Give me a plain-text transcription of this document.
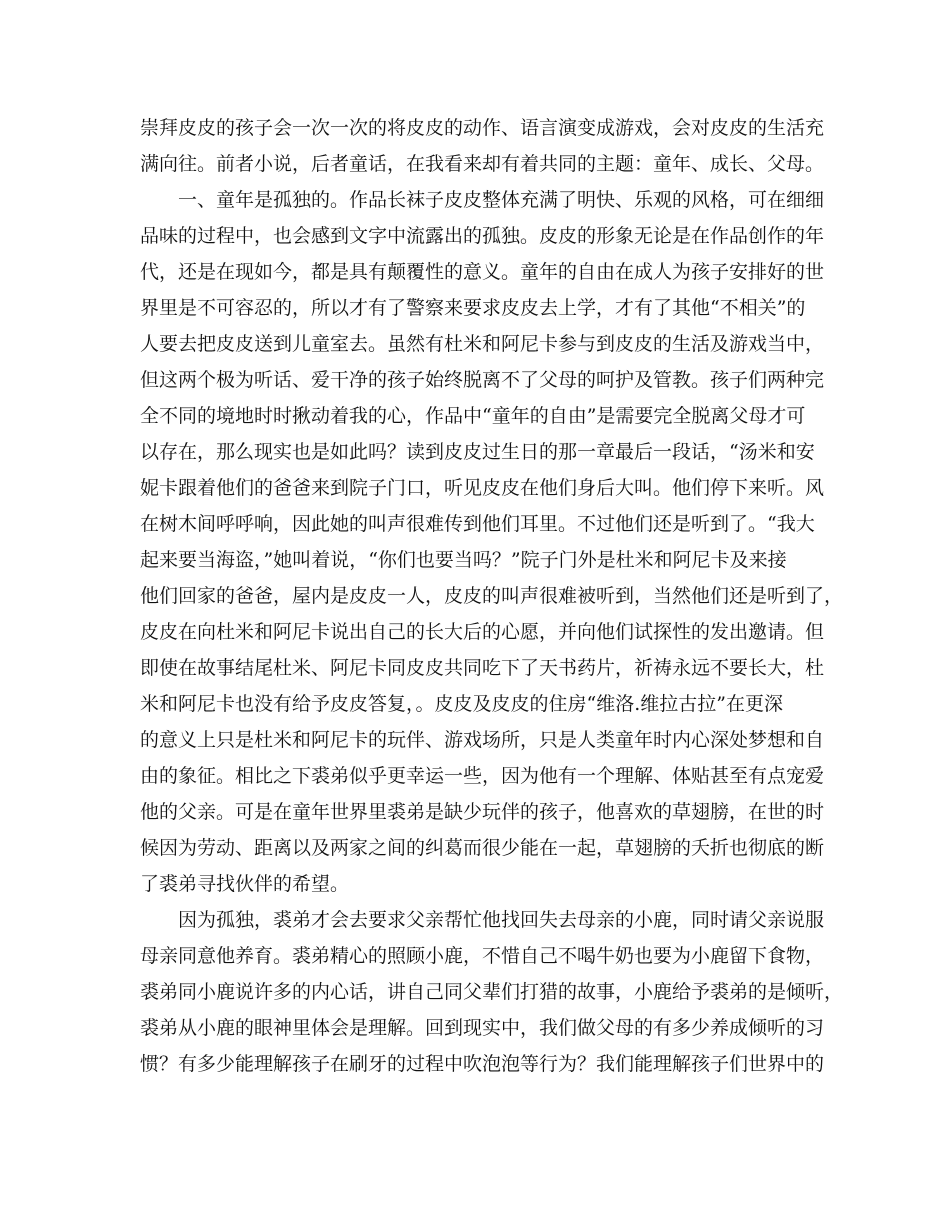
崇拜皮皮的孩子会一次一次的将皮皮的动作、语言演变成游戏，会对皮皮的生活充
满向往。前者小说，后者童话，在我看来却有着共同的主题：童年、成长、父母。
一、童年是孤独的。作品长袜子皮皮整体充满了明快、乐观的风格，可在细细
品味的过程中，也会感到文字中流露出的孤独。皮皮的形象无论是在作品创作的年
代，还是在现如今，都是具有颠覆性的意义。童年的自由在成人为孩子安排好的世
界里是不可容忍的，所以才有了警察来要求皮皮去上学，才有了其他“不相关”的
人要去把皮皮送到儿童室去。虽然有杜米和阿尼卡参与到皮皮的生活及游戏当中，
但这两个极为听话、爱干净的孩子始终脱离不了父母的呵护及管教。孩子们两种完
全不同的境地时时揪动着我的心，作品中“童年的自由”是需要完全脱离父母才可
以存在，那么现实也是如此吗？读到皮皮过生日的那一章最后一段话，“汤米和安
妮卡跟着他们的爸爸来到院子门口，听见皮皮在他们身后大叫。他们停下来听。风
在树木间呼呼响，因此她的叫声很难传到他们耳里。不过他们还是听到了。“我大
起来要当海盗，”她叫着说，“你们也要当吗？”院子门外是杜米和阿尼卡及来接
他们回家的爸爸，屋内是皮皮一人，皮皮的叫声很难被听到，当然他们还是听到了，
皮皮在向杜米和阿尼卡说出自己的长大后的心愿，并向他们试探性的发出邀请。但
即使在故事结尾杜米、阿尼卡同皮皮共同吃下了天书药片，祈祷永远不要长大，杜
米和阿尼卡也没有给予皮皮答复，。皮皮及皮皮的住房“维洛.维拉古拉”在更深
的意义上只是杜米和阿尼卡的玩伴、游戏场所，只是人类童年时内心深处梦想和自
由的象征。相比之下裘弟似乎更幸运一些，因为他有一个理解、体贴甚至有点宠爱
他的父亲。可是在童年世界里裘弟是缺少玩伴的孩子，他喜欢的草翅膀，在世的时
候因为劳动、距离以及两家之间的纠葛而很少能在一起，草翅膀的夭折也彻底的断
了裘弟寻找伙伴的希望。
因为孤独，裘弟才会去要求父亲帮忙他找回失去母亲的小鹿，同时请父亲说服
母亲同意他养育。裘弟精心的照顾小鹿，不惜自己不喝牛奶也要为小鹿留下食物，
裘弟同小鹿说许多的内心话，讲自己同父辈们打猎的故事，小鹿给予裘弟的是倾听，
裘弟从小鹿的眼神里体会是理解。回到现实中，我们做父母的有多少养成倾听的习
惯？有多少能理解孩子在刷牙的过程中吹泡泡等行为？我们能理解孩子们世界中的
